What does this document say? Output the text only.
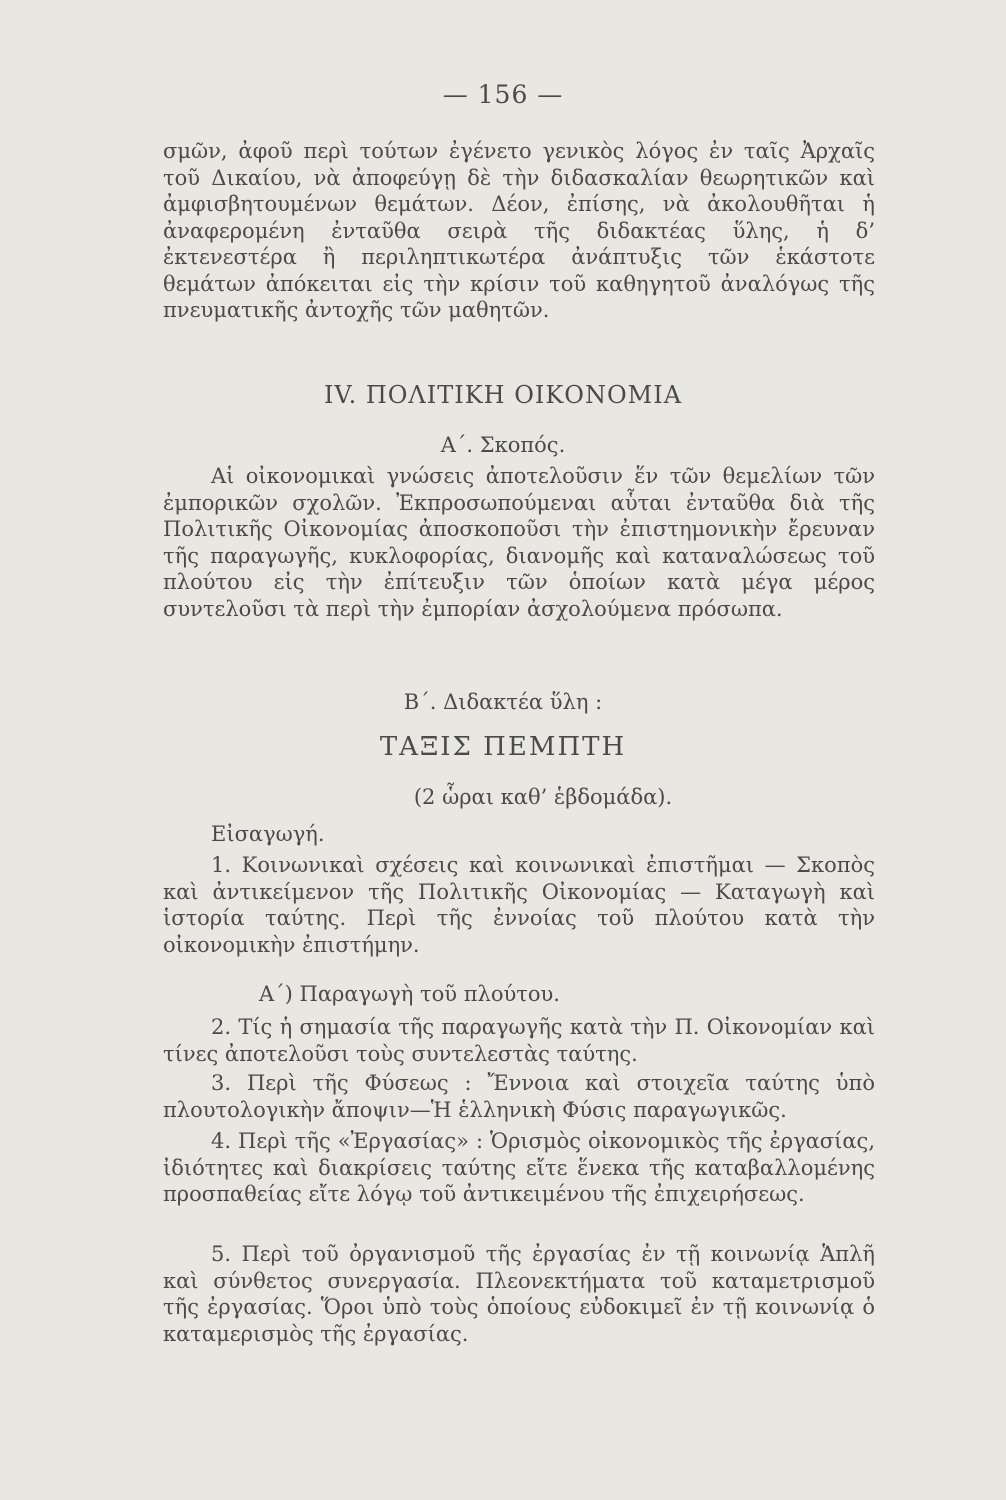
— 156 —

σμῶν, ἀφοῦ περὶ τούτων ἐγένετο γενικὸς λόγος ἐν ταῖς Ἀρχαῖς τοῦ Δικαίου, νὰ ἀποφεύγῃ δὲ τὴν διδασκαλίαν θεωρητικῶν καὶ ἀμφισβητουμένων θεμάτων. Δέον, ἐπίσης, νὰ ἀκολουθῆται ἡ ἀναφερομένη ἐνταῦθα σειρὰ τῆς διδακτέας ὕλης, ἡ δ’ ἐκτενεστέρα ἢ περιληπτικωτέρα ἀνάπτυξις τῶν ἑκάστοτε θεμάτων ἀπόκειται εἰς τὴν κρίσιν τοῦ καθηγητοῦ ἀναλόγως τῆς πνευματικῆς ἀντοχῆς τῶν μαθητῶν.

IV. ΠΟΛΙΤΙΚΗ ΟΙΚΟΝΟΜΙΑ
Α΄. Σκοπός.

Αἱ οἰκονομικαὶ γνώσεις ἀποτελοῦσιν ἕν τῶν θεμελίων τῶν ἐμπορικῶν σχολῶν. Ἐκπροσωπούμεναι αὗται ἐνταῦθα διὰ τῆς Πολιτικῆς Οἰκονομίας ἀποσκοποῦσι τὴν ἐπιστημονικὴν ἔρευναν τῆς παραγωγῆς, κυκλοφορίας, διανομῆς καὶ καταναλώσεως τοῦ πλούτου εἰς τὴν ἐπίτευξιν τῶν ὁποίων κατὰ μέγα μέρος συντελοῦσι τὰ περὶ τὴν ἐμπορίαν ἀσχολούμενα πρόσωπα.

Β΄. Διδακτέα ὕλη :
ΤΑΞΙΣ ΠΕΜΠΤΗ
(2 ὧραι καθ’ ἑβδομάδα).
Εἰσαγωγή.

1. Κοινωνικαὶ σχέσεις καὶ κοινωνικαὶ ἐπιστῆμαι — Σκοπὸς καὶ ἀντικείμενον τῆς Πολιτικῆς Οἰκονομίας — Καταγωγὴ καὶ ἱστορία ταύτης. Περὶ τῆς ἐννοίας τοῦ πλούτου κατὰ τὴν οἰκονομικὴν ἐπιστήμην.

Α΄) Παραγωγὴ τοῦ πλούτου.

2. Τίς ἡ σημασία τῆς παραγωγῆς κατὰ τὴν Π. Οἰκονομίαν καὶ τίνες ἀποτελοῦσι τοὺς συντελεστὰς ταύτης.

3. Περὶ τῆς Φύσεως : Ἔννοια καὶ στοιχεῖα ταύτης ὑπὸ πλουτολογικὴν ἄποψιν—Ἡ ἑλληνικὴ Φύσις παραγωγικῶς.

4. Περὶ τῆς «Ἐργασίας» : Ὁρισμὸς οἰκονομικὸς τῆς ἐργασίας, ἰδιότητες καὶ διακρίσεις ταύτης εἴτε ἕνεκα τῆς καταβαλλομένης προσπαθείας εἴτε λόγῳ τοῦ ἀντικειμένου τῆς ἐπιχειρήσεως.

5. Περὶ τοῦ ὀργανισμοῦ τῆς ἐργασίας ἐν τῇ κοινωνίᾳ Ἁπλῆ καὶ σύνθετος συνεργασία. Πλεονεκτήματα τοῦ καταμετρισμοῦ τῆς ἐργασίας. Ὅροι ὑπὸ τοὺς ὁποίους εὐδοκιμεῖ ἐν τῇ κοινωνίᾳ ὁ καταμερισμὸς τῆς ἐργασίας.
